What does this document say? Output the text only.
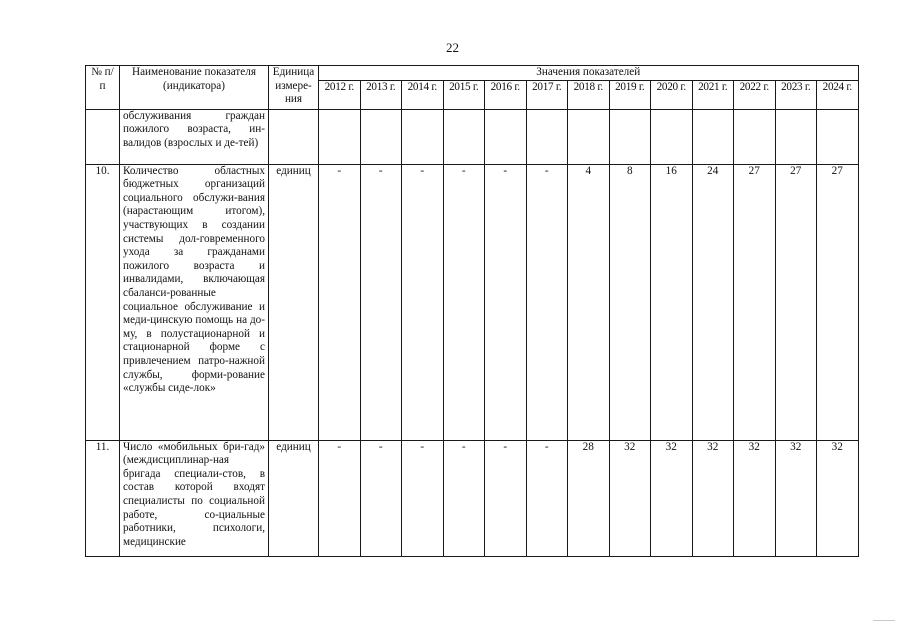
22
№ п/п	Наименование показателя (индикатора)	Единица измере-ния	Значения показателей												
			2012 г.	2013 г.	2014 г.	2015 г.	2016 г.	2017 г.	2018 г.	2019 г.	2020 г.	2021 г.	2022 г.	2023 г.	2024 г.
	обслуживания граждан пожилого возраста, ин-валидов (взрослых и де-тей)														
10.	Количество областных бюджетных организаций социального обслужи-вания (нарастающим итогом), участвующих в создании системы дол-говременного ухода за гражданами пожилого возраста и инвалидами, включающая сбаланси-рованные социальное обслуживание и меди-цинскую помощь на до-му, в полустационарной и стационарной форме с привлечением патро-нажной службы, форми-рование «службы сиде-лок»	единиц	-	-	-	-	-	-	4	8	16	24	27	27	27
11.	Число «мобильных бри-гад» (междисциплинар-ная бригада специали-стов, в состав которой входят специалисты по социальной работе, со-циальные работники, психологи, медицинские	единиц	-	-	-	-	-	-	28	32	32	32	32	32	32
